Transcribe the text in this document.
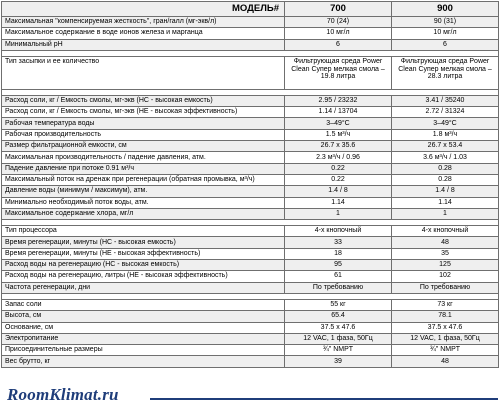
МОДЕЛЬ#	700	900
Максимальная "компенсируемая жесткость", гран/галл (мг-экв/л)	70 (24)	90 (31)
Максимальное содержание в воде ионов железа и марганца	10 мг/л	10 мг/л
Минимальный pH	6	6

Тип засыпки и ее количество	Фильтрующая среда Power Clean Супер мелкая смола – 19.8 литра	Фильтрующая среда Power Clean Супер мелкая смола – 28.3 литра

Расход соли, кг / Емкость смолы, мг-экв (HC - высокая емкость)	2.95 / 23232	3.41 / 35240
Расход соли, кг / Емкость смолы, мг-экв (HE - высокая эффективность)	1.14 / 13704	2.72 / 31324
Рабочая температура воды	3–49°C	3–49°C
Рабочая производительность	1.5 м³/ч	1.8 м³/ч
Размер фильтрационной емкости, см	26.7 x 35.6	26.7 x 53.4
Максимальная производительность / падение давления, атм.	2.3 м³/ч / 0.96	3.6 м³/ч / 1.03
Падение давление при потоке 0.91 м³/ч	0.22	0.28
Максимальный поток на дренаж при регенерации (обратная промывка, м³/ч)	0.22	0.28
Давление воды (минимум / максимум), атм.	1.4 / 8	1.4 / 8
Минимально необходимый поток воды, атм.	1.14	1.14
Максимальное содержание хлора, мг/л	1	1

Тип процессора	4-х кнопочный	4-х кнопочный
Время регенерации, минуты (HC - высокая емкость)	33	48
Время регенерации, минуты (HE - высокая эффективность)	18	35
Расход воды на регенерацию (HC - высокая емкость)	95	125
Расход воды на регенерацию, литры (HE - высокая эффективность)	61	102
Частота регенерации, дни	По требованию	По требованию

Запас соли	55 кг	73 кг
Высота, см	65.4	78.1
Основание, см	37.5 x 47.6	37.5 x 47.6
Электропитание	12 VAC, 1 фаза, 50Гц	12 VAC, 1 фаза, 50Гц
Присоединительные размеры	¾" NMPT	¾" NMPT
Вес брутто, кг	39	48
RoomKlimat.ru
